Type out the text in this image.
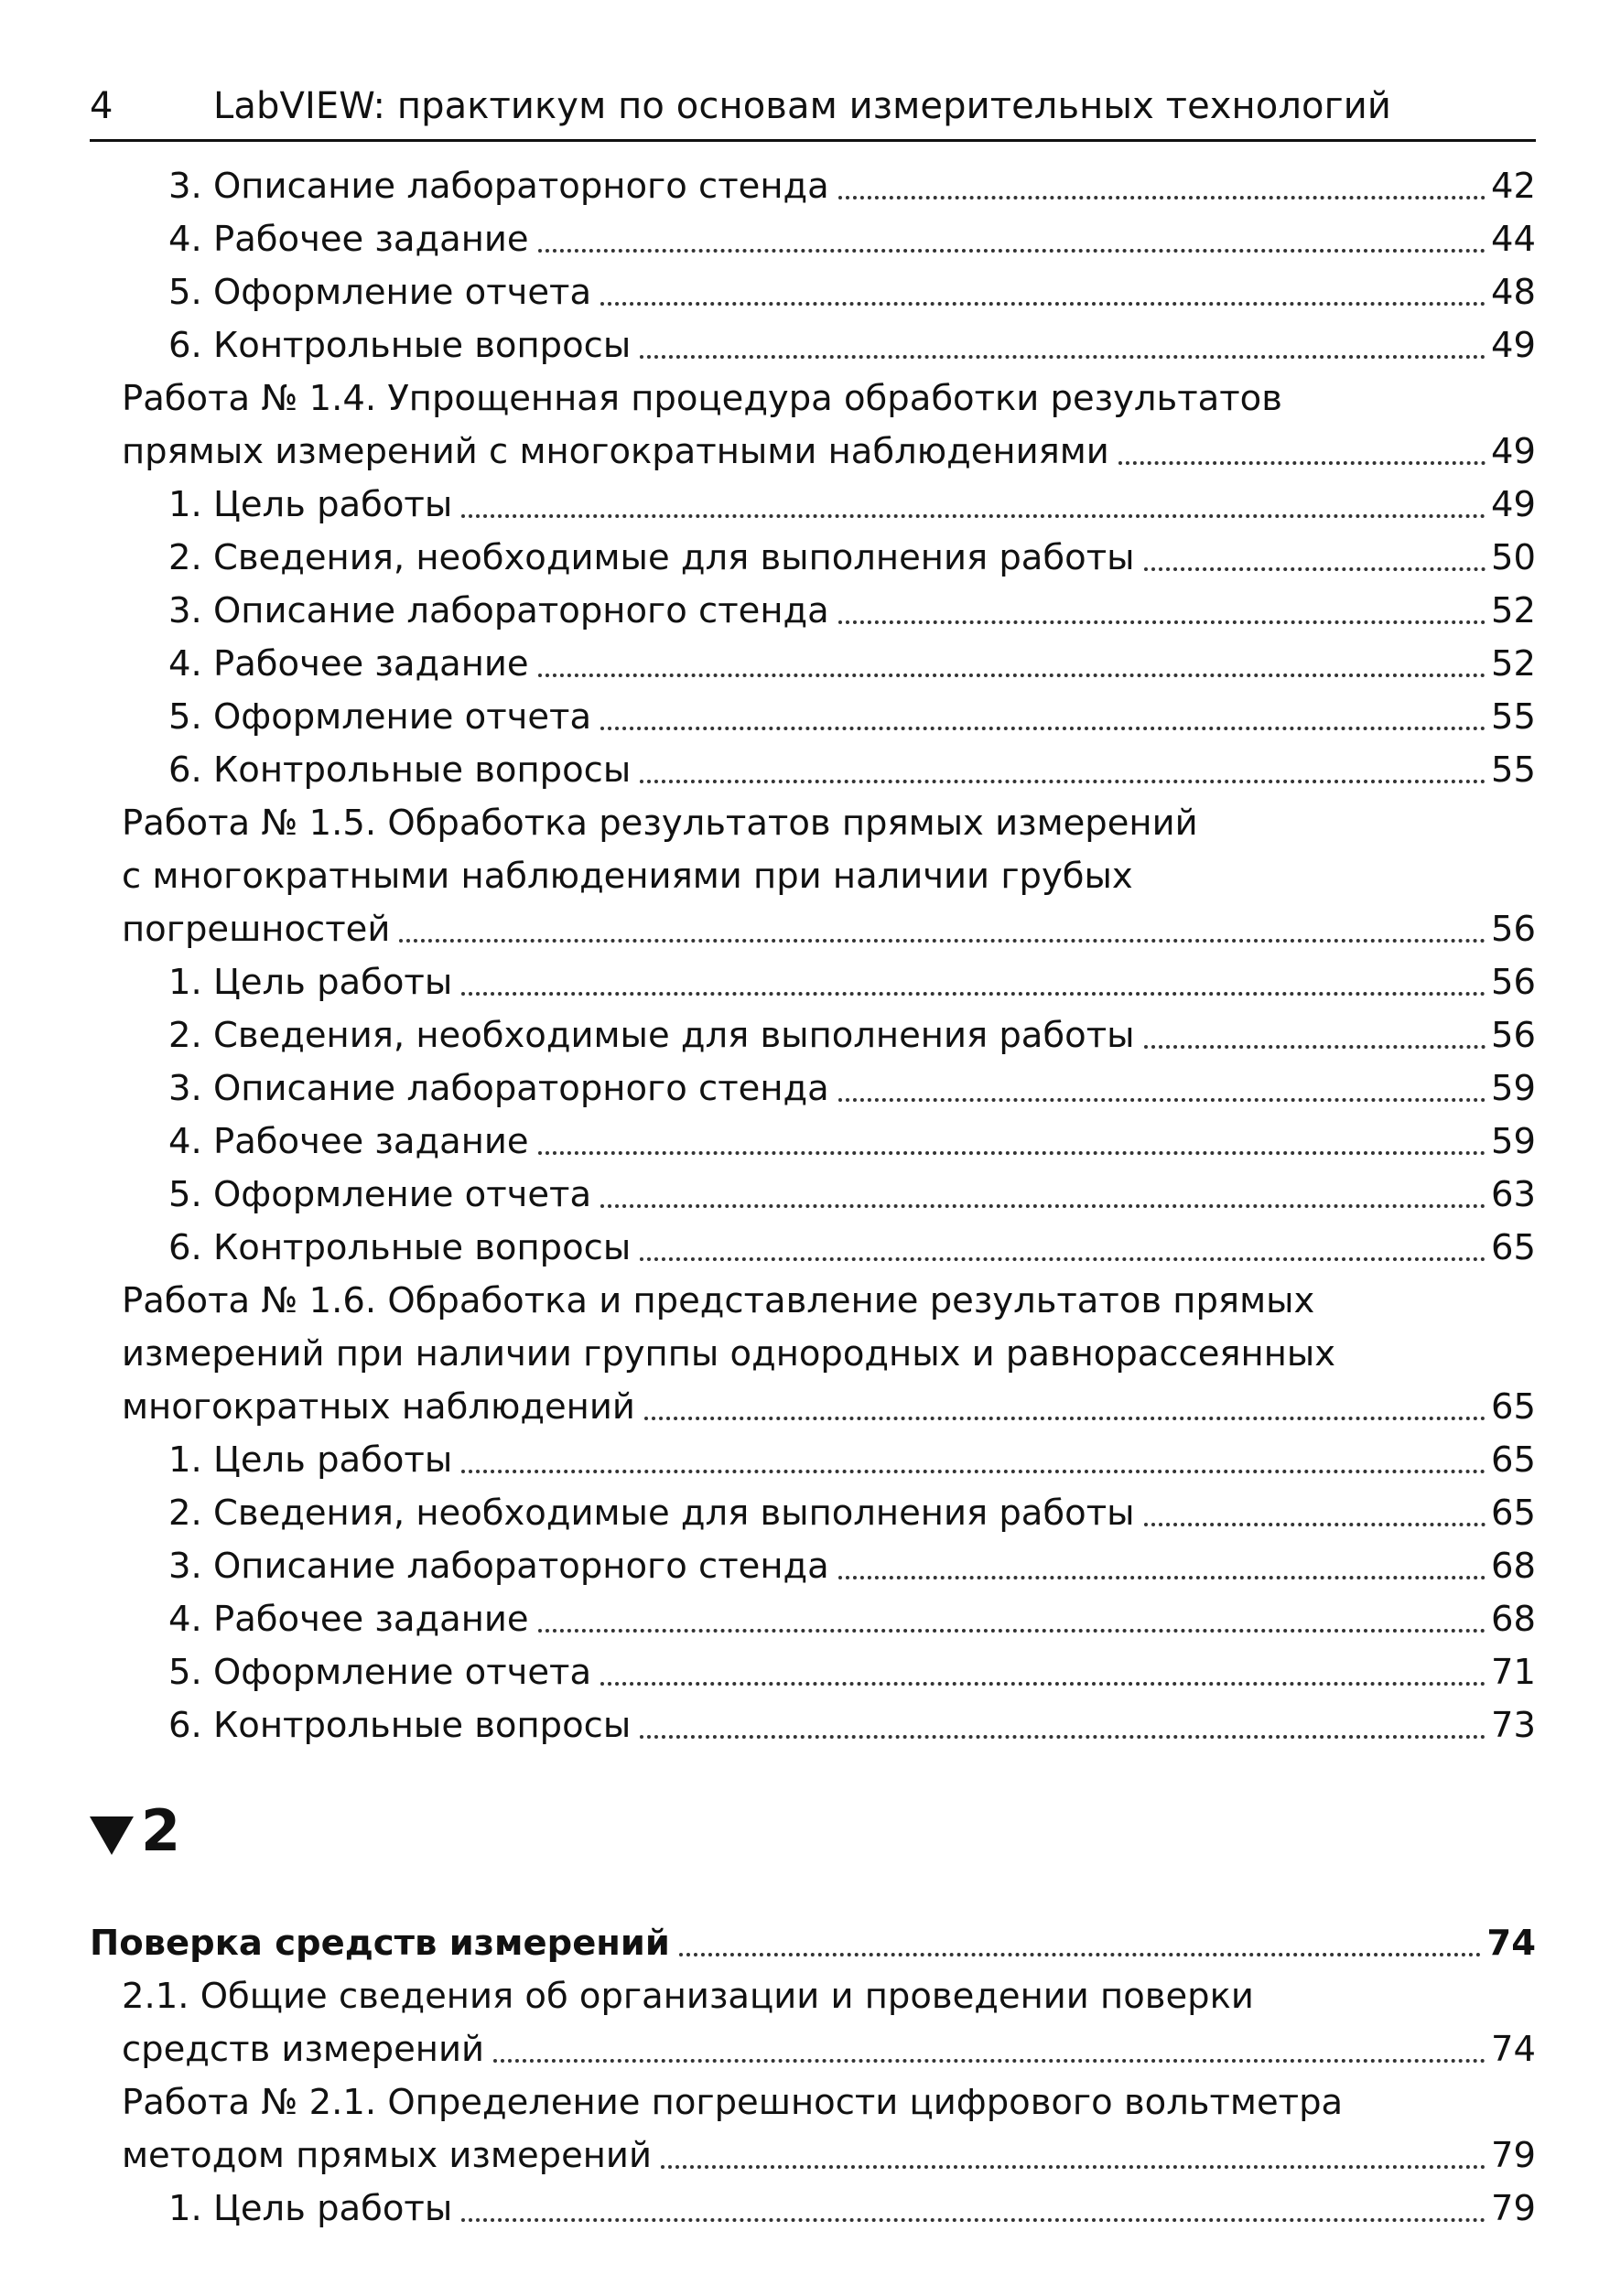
4	LabVIEW: практикум по основам измерительных технологий
3. Описание лабораторного стенда	42
4. Рабочее задание	44
5. Оформление отчета	48
6. Контрольные вопросы	49
Работа № 1.4. Упрощенная процедура обработки результатов
прямых измерений с многократными наблюдениями	49
1. Цель работы	49
2. Сведения, необходимые для выполнения работы	50
3. Описание лабораторного стенда	52
4. Рабочее задание	52
5. Оформление отчета	55
6. Контрольные вопросы	55
Работа № 1.5. Обработка результатов прямых измерений
с многократными наблюдениями при наличии грубых
погрешностей	56
1. Цель работы	56
2. Сведения, необходимые для выполнения работы	56
3. Описание лабораторного стенда	59
4. Рабочее задание	59
5. Оформление отчета	63
6. Контрольные вопросы	65
Работа № 1.6. Обработка и представление результатов прямых
измерений при наличии группы однородных и равнорассеянных
многократных наблюдений	65
1. Цель работы	65
2. Сведения, необходимые для выполнения работы	65
3. Описание лабораторного стенда	68
4. Рабочее задание	68
5. Оформление отчета	71
6. Контрольные вопросы	73
2
Поверка средств измерений	74
2.1. Общие сведения об организации и проведении поверки
средств измерений	74
Работа № 2.1. Определение погрешности цифрового вольтметра
методом прямых измерений	79
1. Цель работы	79
